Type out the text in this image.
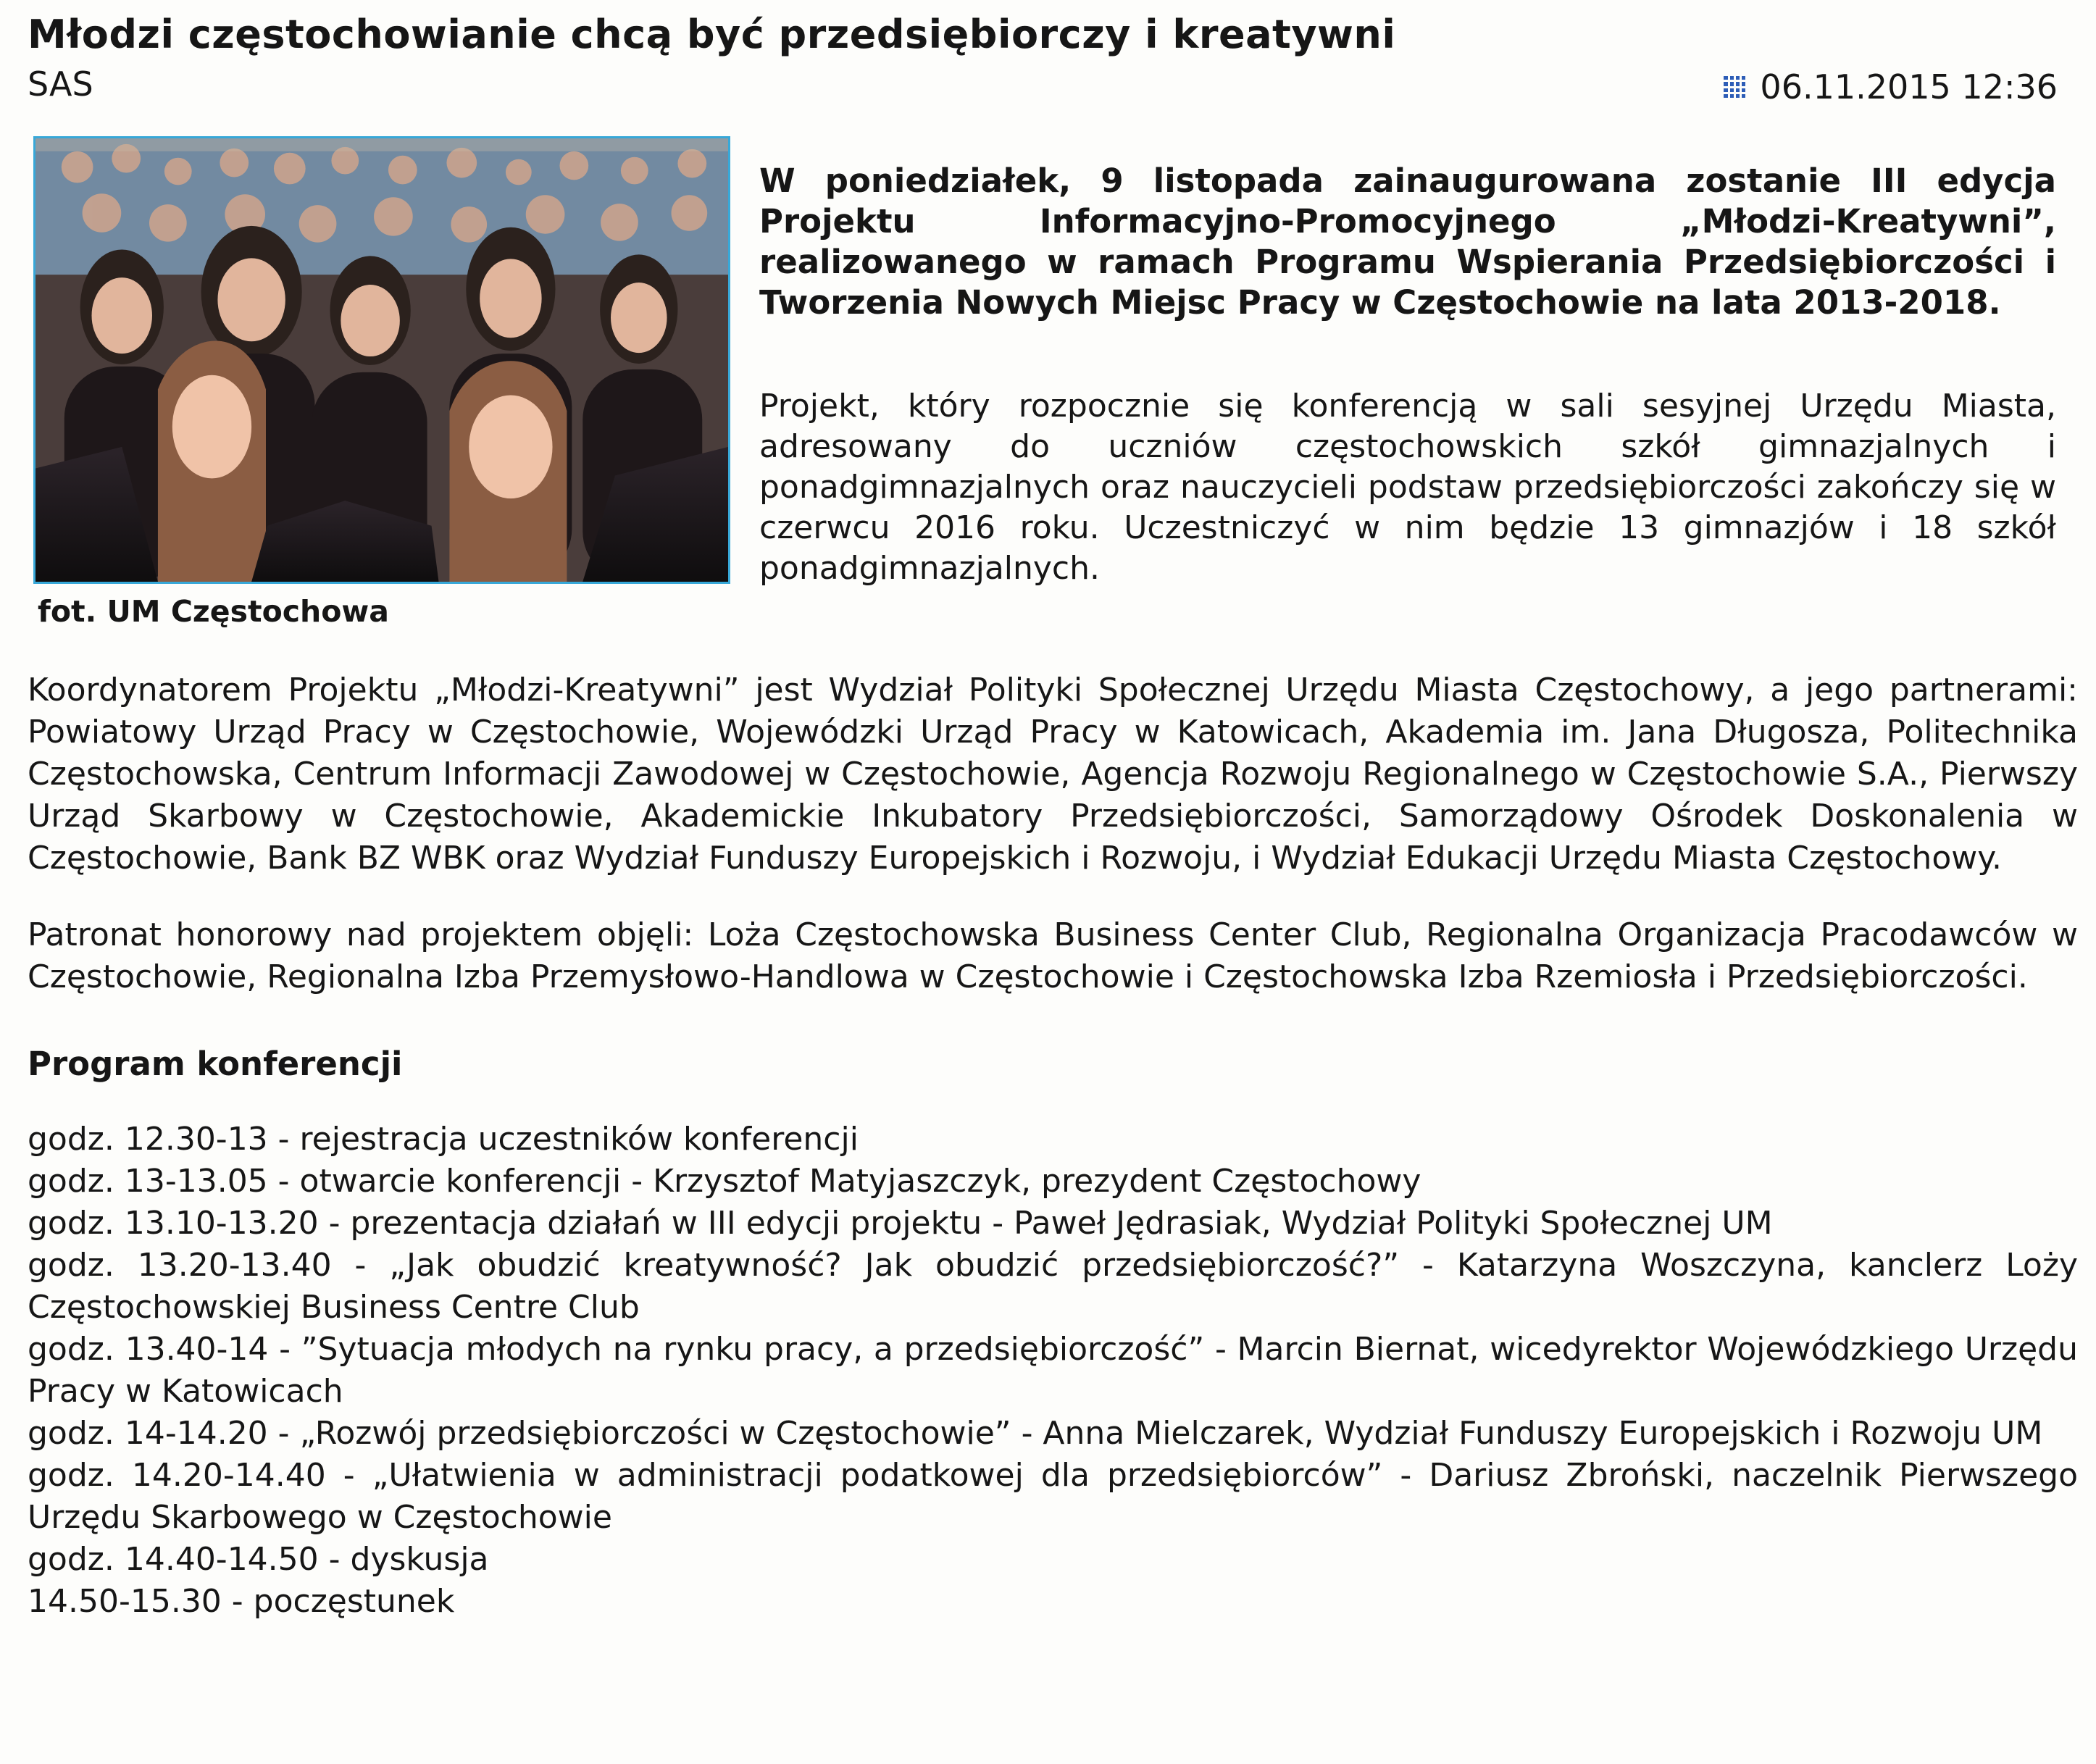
Młodzi częstochowianie chcą być przedsiębiorczy i kreatywni
SAS	06.11.2015 12:36
fot. UM Częstochowa

W poniedziałek, 9 listopada zainaugurowana zostanie III edycja Projektu Informacyjno-Promocyjnego „Młodzi-Kreatywni”, realizowanego w ramach Programu Wspierania Przedsiębiorczości i Tworzenia Nowych Miejsc Pracy w Częstochowie na lata 2013-2018.

Projekt, który rozpocznie się konferencją w sali sesyjnej Urzędu Miasta, adresowany do uczniów częstochowskich szkół gimnazjalnych i ponadgimnazjalnych oraz nauczycieli podstaw przedsiębiorczości zakończy się w czerwcu 2016 roku. Uczestniczyć w nim będzie 13 gimnazjów i 18 szkół ponadgimnazjalnych.

Koordynatorem Projektu „Młodzi-Kreatywni” jest Wydział Polityki Społecznej Urzędu Miasta Częstochowy, a jego partnerami: Powiatowy Urząd Pracy w Częstochowie, Wojewódzki Urząd Pracy w Katowicach, Akademia im. Jana Długosza, Politechnika Częstochowska, Centrum Informacji Zawodowej w Częstochowie, Agencja Rozwoju Regionalnego w Częstochowie S.A., Pierwszy Urząd Skarbowy w Częstochowie, Akademickie Inkubatory Przedsiębiorczości, Samorządowy Ośrodek Doskonalenia w Częstochowie, Bank BZ WBK oraz Wydział Funduszy Europejskich i Rozwoju, i Wydział Edukacji Urzędu Miasta Częstochowy.

Patronat honorowy nad projektem objęli: Loża Częstochowska Business Center Club, Regionalna Organizacja Pracodawców w Częstochowie, Regionalna Izba Przemysłowo-Handlowa w Częstochowie i Częstochowska Izba Rzemiosła i Przedsiębiorczości.

Program konferencji
godz. 12.30-13 - rejestracja uczestników konferencji
godz. 13-13.05 - otwarcie konferencji - Krzysztof Matyjaszczyk, prezydent Częstochowy
godz. 13.10-13.20 - prezentacja działań w III edycji projektu - Paweł Jędrasiak, Wydział Polityki Społecznej UM
godz. 13.20-13.40 - „Jak obudzić kreatywność? Jak obudzić przedsiębiorczość?” - Katarzyna Woszczyna, kanclerz Loży Częstochowskiej Business Centre Club
godz. 13.40-14 - ”Sytuacja młodych na rynku pracy, a przedsiębiorczość” - Marcin Biernat, wicedyrektor Wojewódzkiego Urzędu Pracy w Katowicach
godz. 14-14.20 - „Rozwój przedsiębiorczości w Częstochowie” - Anna Mielczarek, Wydział Funduszy Europejskich i Rozwoju UM
godz. 14.20-14.40 - „Ułatwienia w administracji podatkowej dla przedsiębiorców” - Dariusz Zbroński, naczelnik Pierwszego Urzędu Skarbowego w Częstochowie
godz. 14.40-14.50 - dyskusja
14.50-15.30 - poczęstunek
